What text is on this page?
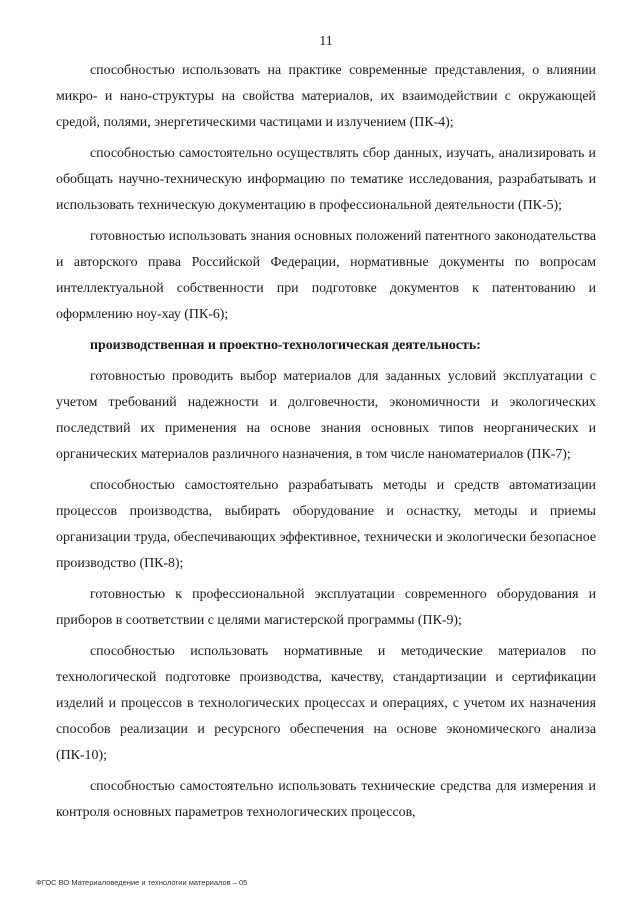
11

способностью использовать на практике современные представления, о влиянии микро- и нано-структуры на свойства материалов, их взаимодействии с окружающей средой, полями, энергетическими частицами и излучением (ПК-4);

способностью самостоятельно осуществлять сбор данных, изучать, анализировать и обобщать научно-техническую информацию по тематике исследования, разрабатывать и использовать техническую документацию в профессиональной деятельности (ПК-5);

готовностью использовать знания основных положений патентного законодательства и авторского права Российской Федерации, нормативные документы по вопросам интеллектуальной собственности при подготовке документов к патентованию и оформлению ноу-хау (ПК-6);

производственная и проектно-технологическая деятельность:

готовностью проводить выбор материалов для заданных условий эксплуатации с учетом требований надежности и долговечности, экономичности и экологических последствий их применения на основе знания основных типов неорганических и органических материалов различного назначения, в том числе наноматериалов (ПК-7);

способностью самостоятельно разрабатывать методы и средств автоматизации процессов производства, выбирать оборудование и оснастку, методы и приемы организации труда, обеспечивающих эффективное, технически и экологически безопасное производство (ПК-8);

готовностью к профессиональной эксплуатации современного оборудования и приборов в соответствии с целями магистерской программы (ПК-9);

способностью использовать нормативные и методические материалов по технологической подготовке производства, качеству, стандартизации и сертификации изделий и процессов в технологических процессах и операциях, с учетом их назначения способов реализации и ресурсного обеспечения на основе экономического анализа (ПК-10);

способностью самостоятельно использовать технические средства для измерения и контроля основных параметров технологических процессов,

ФГОС ВО Материаловедение и технологии материалов – 05
